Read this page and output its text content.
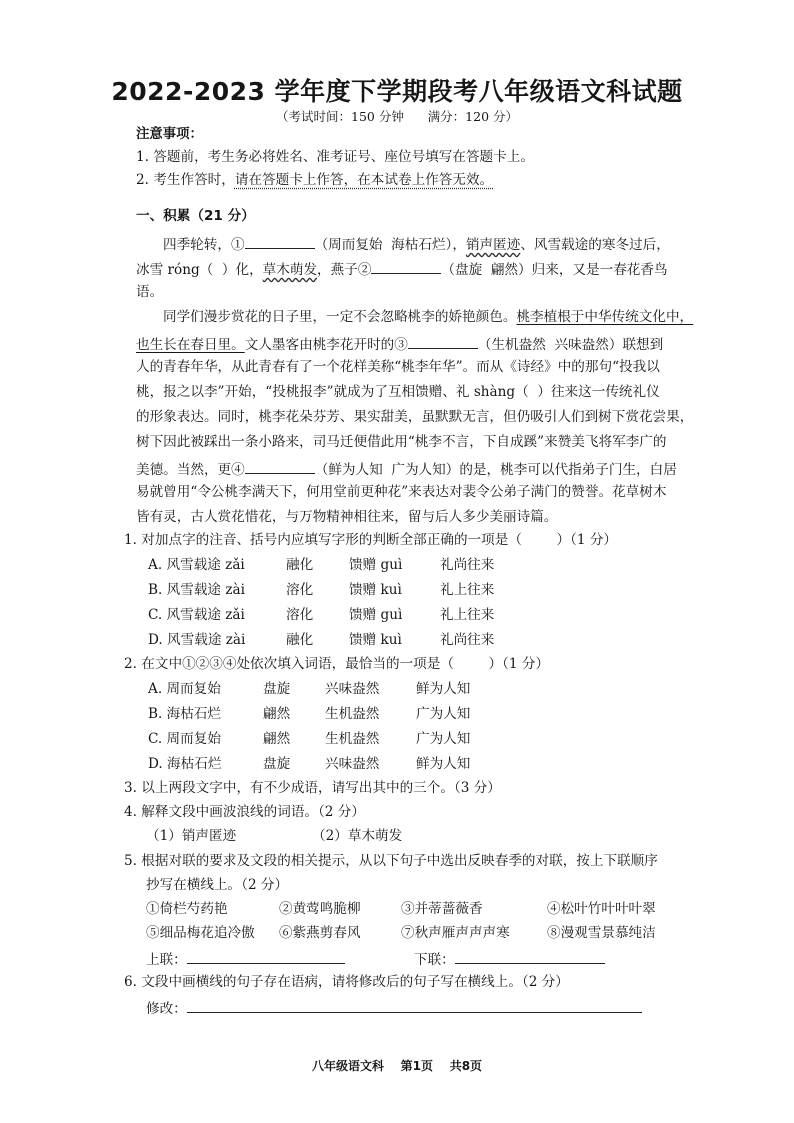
2022-2023 学年度下学期段考八年级语文科试题
（考试时间：150 分钟      满分：120 分）
注意事项：
1. 答题前，考生务必将姓名、准考证号、座位号填写在答题卡上。
2. 考生作答时，请在答题卡上作答，在本试卷上作答无效。
一、积累（21 分）
四季轮转，①	（周而复始  海枯石烂），销声匿迹、风雪载途的寒冬过后，
冰雪 róng（  ）化，草木萌发，燕子②	（盘旋  翩然）归来，又是一春花香鸟
语。
同学们漫步赏花的日子里，一定不会忽略桃李的娇艳颜色。桃李植根于中华传统文化中，
也生长在春日里。文人墨客由桃李花开时的③	（生机盎然  兴味盎然）联想到
人的青春年华，从此青春有了一个花样美称“桃李年华”。而从《诗经》中的那句“投我以
桃，报之以李”开始，“投桃报李”就成为了互相馈赠、礼 shàng（  ）往来这一传统礼仪
的形象表达。同时，桃李花朵芬芳、果实甜美，虽默默无言，但仍吸引人们到树下赏花尝果，
树下因此被踩出一条小路来，司马迁便借此用“桃李不言，下自成蹊”来赞美飞将军李广的
美德。当然，更④	（鲜为人知  广为人知）的是，桃李可以代指弟子门生，白居
易就曾用“令公桃李满天下，何用堂前更种花”来表达对裴令公弟子满门的赞誉。花草树木
皆有灵，古人赏花惜花，与万物精神相往来，留与后人多少美丽诗篇。
1. 对加点字的注音、括号内应填写字形的判断全部正确的一项是（        ）（1 分）
A. 风雪载途 zǎi	融化	馈赠 guì	礼尚往来
B. 风雪载途 zài	溶化	馈赠 kuì	礼上往来
C. 风雪载途 zǎi	溶化	馈赠 guì	礼上往来
D. 风雪载途 zài	融化	馈赠 kuì	礼尚往来
2. 在文中①②③④处依次填入词语，最恰当的一项是（        ）（1 分）
A. 周而复始	盘旋	兴味盎然	鲜为人知
B. 海枯石烂	翩然	生机盎然	广为人知
C. 周而复始	翩然	生机盎然	广为人知
D. 海枯石烂	盘旋	兴味盎然	鲜为人知
3. 以上两段文字中，有不少成语，请写出其中的三个。（3 分）
4. 解释文段中画波浪线的词语。（2 分）
（1）销声匿迹	（2）草木萌发
5. 根据对联的要求及文段的相关提示，从以下句子中选出反映春季的对联，按上下联顺序
抄写在横线上。（2 分）
①倚栏芍药艳	②黄莺鸣脆柳	③并蒂蔷薇香	④松叶竹叶叶叶翠
⑤细品梅花追冷傲 ⑥紫燕剪春风	⑦秋声雁声声声寒	⑧漫观雪景慕纯洁
上联：	下联：
6. 文段中画横线的句子存在语病，请将修改后的句子写在横线上。（2 分）
修改：
八年级语文科    第1页    共8页
